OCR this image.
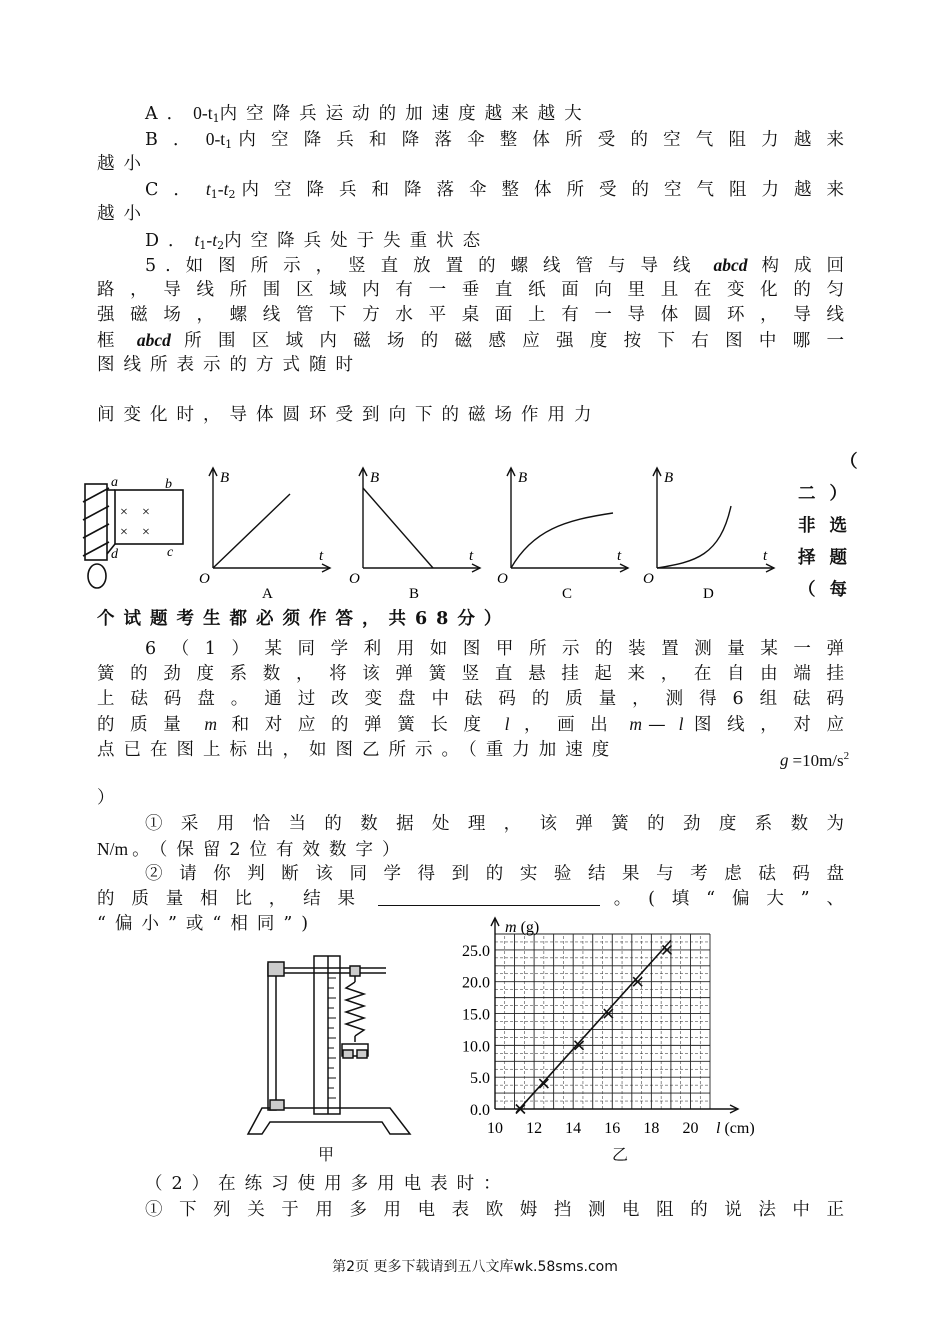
A．$0-t_1$内空降兵运动的加速度越来越大
B．$0-t_1$内空降兵和降落伞整体所受的空气阻力越来
越小
C．$t_1-t_2$内空降兵和降落伞整体所受的空气阻力越来
越小
D．$t_1-t_2$内空降兵处于失重状态
5.如图所示，竖直放置的螺线管与导线 abcd 构成回
路，导线所围区域内有一垂直纸面向里且在变化的匀
强磁场，螺线管下方水平桌面上有一导体圆环，导线
框 abcd 所围区域内磁场的磁感应强度按下右图中哪一
图线所表示的方式随时
间变化时，导体圆环受到向下的磁场作用力
a	b
c
d
× ×
× ×
B
t
O
A
B
t
O
B
B
t
O
C
B
t
O
D
（
二）
非选
择题
（每
个试题考生都必须作答，共68分）
6（1）某同学利用如图甲所示的装置测量某一弹
簧的劲度系数，将该弹簧竖直悬挂起来，在自由端挂
上砝码盘。通过改变盘中砝码的质量，测得6组砝码
的质量 m 和对应的弹簧长度 l ，画出 m — l 图线，对应
点已在图上标出，如图乙所示。（重力加速度
$g =10m/s^2$
）
①采用恰当的数据处理，该弹簧的劲度系数为
N/m 。（保留2位有效数字）
②请你判断该同学得到的实验结果与考虑砝码盘
的质量相比，结果	。(填“偏大”、
“偏小”或“相同”)
甲
10 12 14 16 18 20
0.0
5.0
10.0
15.0
20.0
25.0
m (g)
l (cm)
乙
（2）在练习使用多用电表时：
①下列关于用多用电表欧姆挡测电阻的说法中正
第2页 更多下载请到五八文库wk.58sms.com
